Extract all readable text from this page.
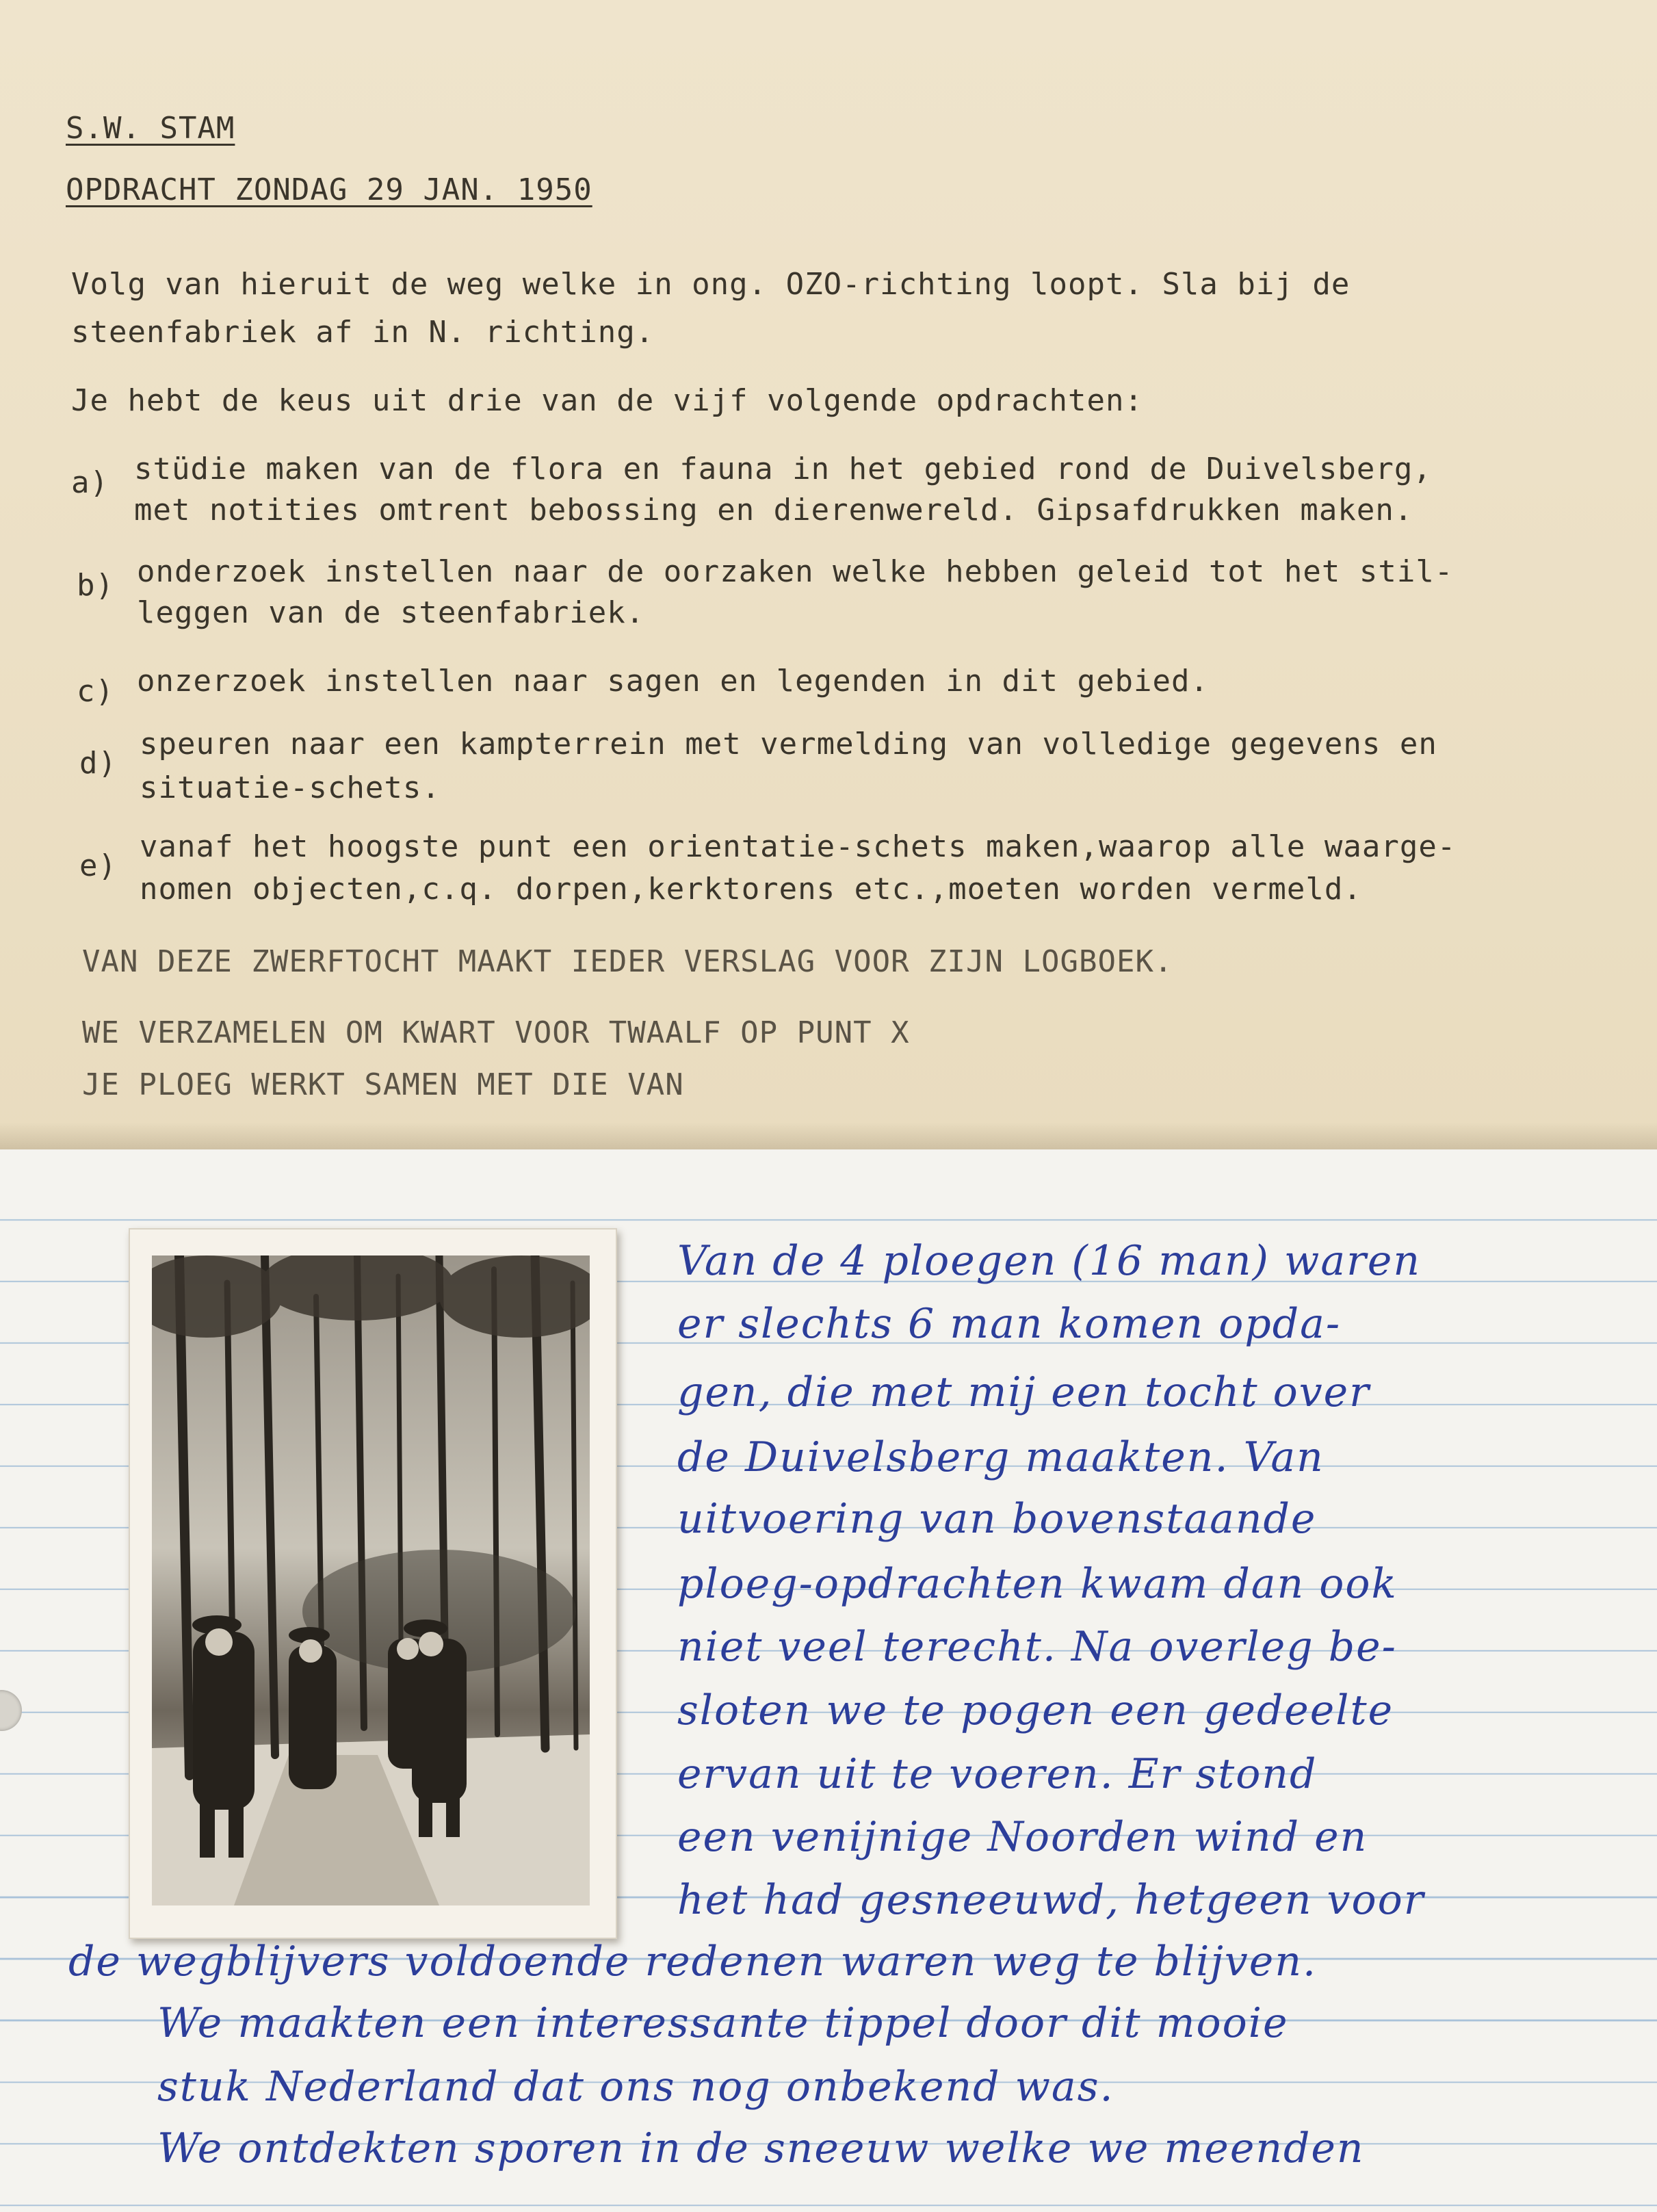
S.W. STAM
OPDRACHT ZONDAG 29 JAN. 1950
Volg van hieruit de weg welke in ong. OZO-richting loopt. Sla bij de
steenfabriek af in N. richting.
Je hebt de keus uit drie van de vijf volgende opdrachten:
a) stüdie maken van de flora en fauna in het gebied rond de Duivelsberg,
met notities omtrent bebossing en dierenwereld. Gipsafdrukken maken.
b) onderzoek instellen naar de oorzaken welke hebben geleid tot het stil-
leggen van de steenfabriek.
c) onzerzoek instellen naar sagen en legenden in dit gebied.
d)
speuren naar een kampterrein met vermelding van volledige gegevens en
situatie-schets.
e)
vanaf het hoogste punt een orientatie-schets maken,waarop alle waarge-
nomen objecten,c.q. dorpen,kerktorens etc.,moeten worden vermeld.
VAN DEZE ZWERFTOCHT MAAKT IEDER VERSLAG VOOR ZIJN LOGBOEK.
WE VERZAMELEN OM KWART VOOR TWAALF OP PUNT X
JE PLOEG WERKT SAMEN MET DIE VAN
Van de 4 ploegen (16 man) waren
er slechts 6 man komen opda-
gen, die met mij een tocht over
de Duivelsberg maakten. Van
uitvoering van bovenstaande
ploeg-opdrachten kwam dan ook
niet veel terecht. Na overleg be-
sloten we te pogen een gedeelte
ervan uit te voeren. Er stond
een venijnige Noorden wind en
het had gesneeuwd, hetgeen voor
de wegblijvers voldoende redenen waren weg te blijven.
We maakten een interessante tippel door dit mooie
stuk Nederland dat ons nog onbekend was.
We ontdekten sporen in de sneeuw welke we meenden
